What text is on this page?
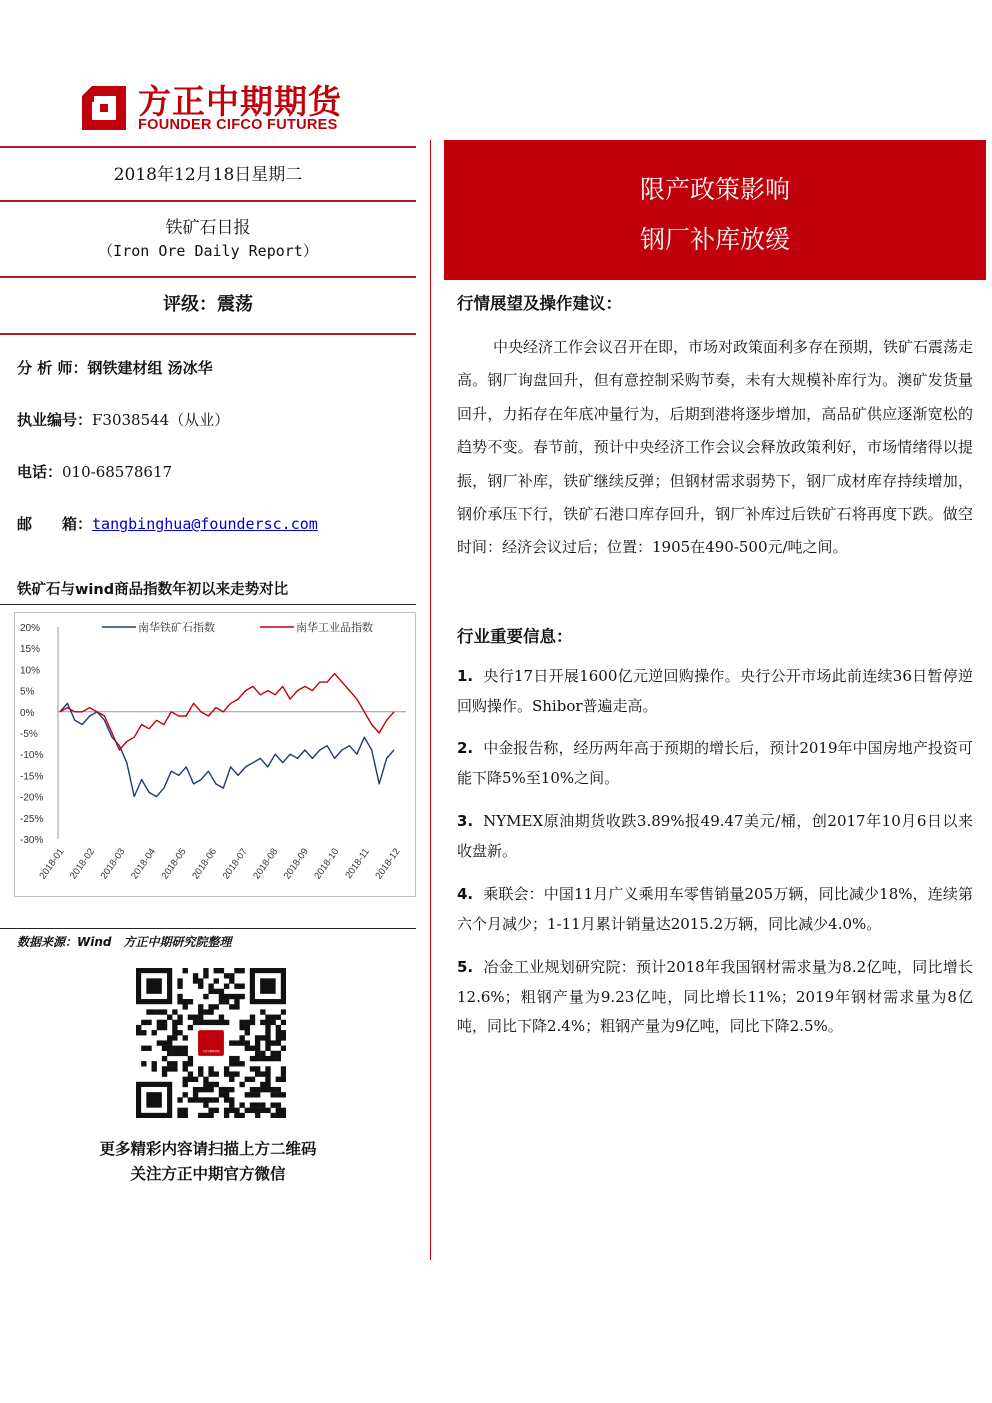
方正中期期货
FOUNDER CIFCO FUTURES
2018年12月18日星期二
铁矿石日报
（Iron Ore Daily Report）
评级：震荡
分 析 师：钢铁建材组 汤冰华
执业编号：F3038544（从业）
电话：010-68578617
邮　　箱：tangbinghua@foundersc.com
铁矿石与wind商品指数年初以来走势对比
20%
15%
10%
5%
0%
-5%
-10%
-15%
-20%
-25%
-30%
2018-01 2018-02 2018-03 2018-04 2018-05 2018-06 2018-07 2018-08 2018-09 2018-10 2018-11 2018-12
南华铁矿石指数	南华工业品指数
数据来源：Wind　方正中期研究院整理
方正中期研究院
更多精彩内容请扫描上方二维码
关注方正中期官方微信
限产政策影响
钢厂补库放缓
行情展望及操作建议：
中央经济工作会议召开在即，市场对政策面利多存在预期，铁矿石震荡走高。钢厂询盘回升，但有意控制采购节奏，未有大规模补库行为。澳矿发货量回升，力拓存在年底冲量行为，后期到港将逐步增加，高品矿供应逐渐宽松的趋势不变。春节前，预计中央经济工作会议会释放政策利好，市场情绪得以提振，钢厂补库，铁矿继续反弹；但钢材需求弱势下，钢厂成材库存持续增加，钢价承压下行，铁矿石港口库存回升，钢厂补库过后铁矿石将再度下跌。做空时间：经济会议过后；位置：1905在490-500元/吨之间。
行业重要信息：
1. 央行17日开展1600亿元逆回购操作。央行公开市场此前连续36日暂停逆回购操作。Shibor普遍走高。
2. 中金报告称，经历两年高于预期的增长后，预计2019年中国房地产投资可能下降5%至10%之间。
3. NYMEX原油期货收跌3.89%报49.47美元/桶，创2017年10月6日以来收盘新。
4. 乘联会：中国11月广义乘用车零售销量205万辆，同比减少18%，连续第六个月减少；1-11月累计销量达2015.2万辆，同比减少4.0%。
5. 冶金工业规划研究院：预计2018年我国钢材需求量为8.2亿吨，同比增长12.6%；粗钢产量为9.23亿吨，同比增长11%；2019年钢材需求量为8亿吨，同比下降2.4%；粗钢产量为9亿吨，同比下降2.5%。
